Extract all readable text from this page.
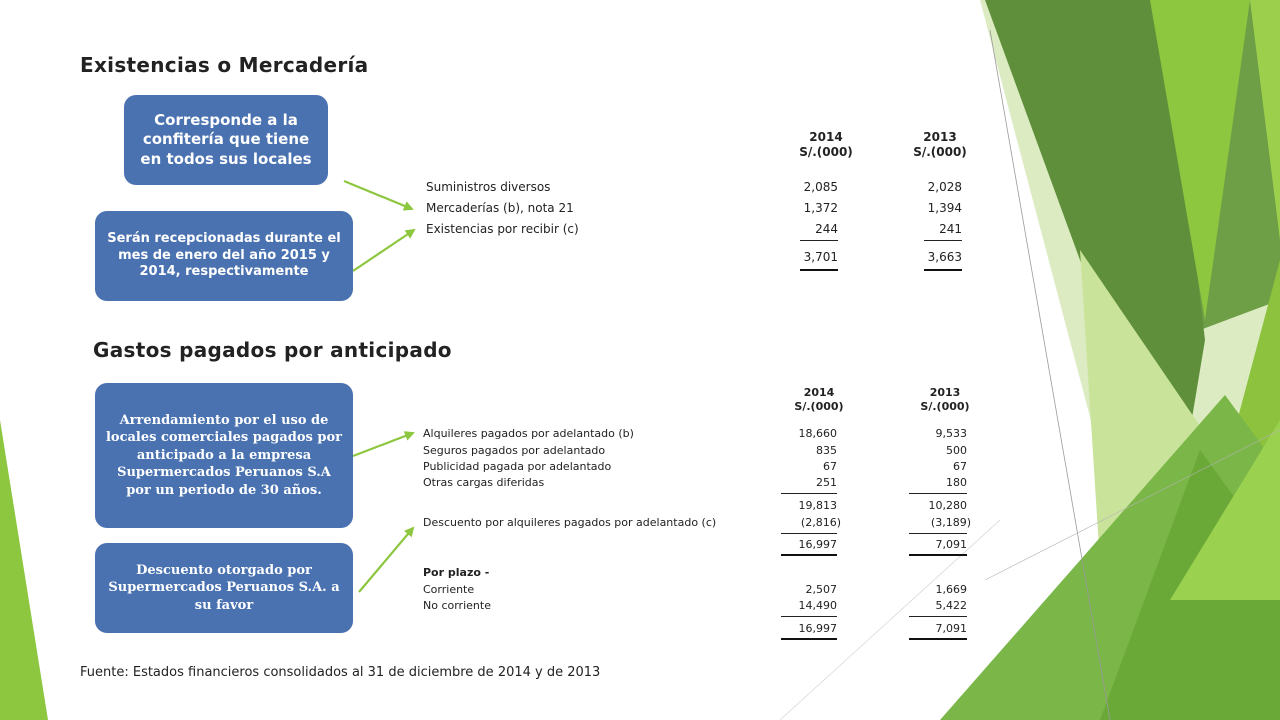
Existencias o Mercadería
Corresponde a la confitería que tiene en todos sus locales
Serán recepcionadas durante el mes de enero del año 2015 y 2014, respectivamente
2014
S/.(000)
2013
S/.(000)
Suministros diversos	2,085	2,028
Mercaderías (b), nota 21	1,372	1,394
Existencias por recibir (c)	244	241
3,701	3,663
Gastos pagados por anticipado
Arrendamiento por el uso de locales comerciales pagados por anticipado a la empresa Supermercados Peruanos S.A por un periodo de 30 años.
Descuento otorgado por Supermercados Peruanos S.A. a su favor
2014
S/.(000)
2013
S/.(000)
Alquileres pagados por adelantado (b)	18,660	9,533
Seguros pagados por adelantado	835	500
Publicidad pagada por adelantado	67	67
Otras cargas diferidas	251	180
19,813	10,280
Descuento por alquileres pagados por adelantado (c)	(2,816)	(3,189)
16,997	7,091
Por plazo -
Corriente	2,507	1,669
No corriente	14,490	5,422
16,997	7,091
Fuente: Estados financieros consolidados al 31 de diciembre de 2014 y de 2013
